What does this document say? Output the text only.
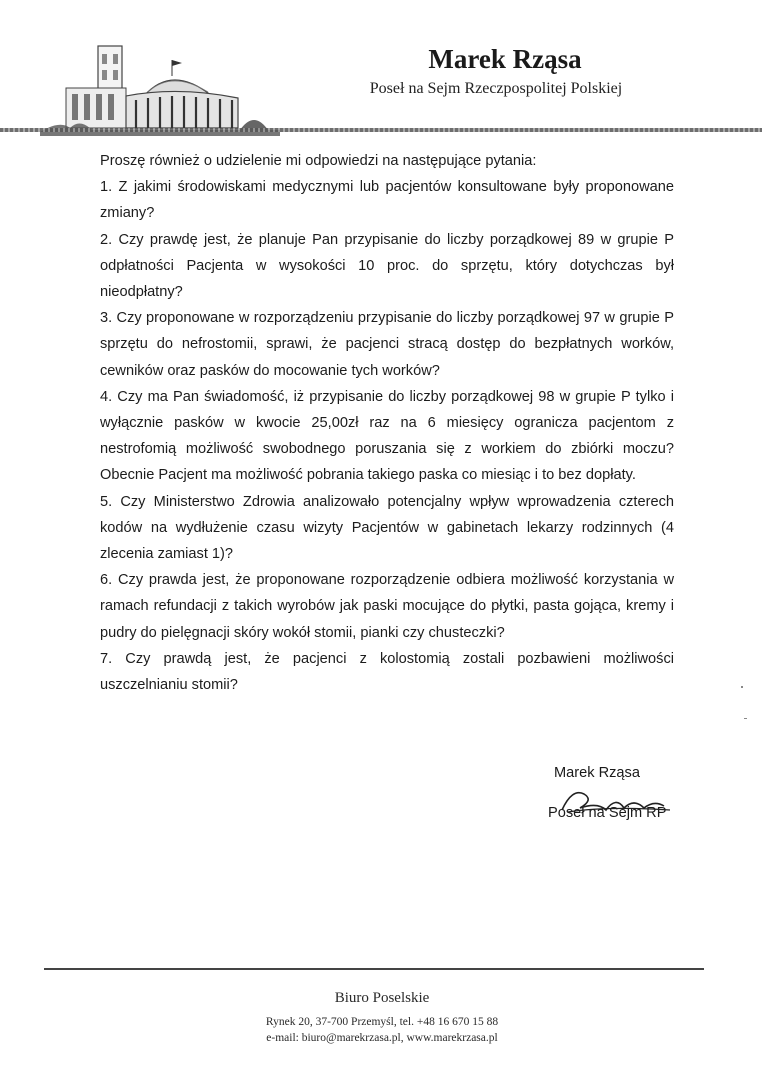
Marek Rząsa
Poseł na Sejm Rzeczpospolitej Polskiej

Proszę również o udzielenie mi odpowiedzi na następujące pytania:

1. Z jakimi środowiskami medycznymi lub pacjentów konsultowane były proponowane zmiany?

2. Czy prawdę jest, że planuje Pan przypisanie do liczby porządkowej 89 w grupie P odpłatności Pacjenta w wysokości 10 proc. do sprzętu, który dotychczas był nieodpłatny?

3. Czy proponowane w rozporządzeniu przypisanie do liczby porządkowej 97 w grupie P sprzętu do nefrostomii, sprawi, że pacjenci stracą dostęp do bezpłatnych worków, cewników oraz pasków do mocowanie tych worków?

4. Czy ma Pan świadomość, iż przypisanie do liczby porządkowej 98 w grupie P tylko i wyłącznie pasków w kwocie 25,00zł raz na 6 miesięcy ogranicza pacjentom z nestrofomią możliwość swobodnego poruszania się z workiem do zbiórki moczu? Obecnie Pacjent ma możliwość pobrania takiego paska co miesiąc i to bez dopłaty.

5. Czy Ministerstwo Zdrowia analizowało potencjalny wpływ wprowadzenia czterech kodów na wydłużenie czasu wizyty Pacjentów w gabinetach lekarzy rodzinnych (4 zlecenia zamiast 1)?

6. Czy prawda jest, że proponowane rozporządzenie odbiera możliwość korzystania w ramach refundacji z takich wyrobów jak paski mocujące do płytki, pasta gojąca, kremy i pudry do pielęgnacji skóry wokół stomii, pianki czy chusteczki?

7. Czy prawdą jest, że pacjenci z kolostomią zostali pozbawieni możliwości uszczelnianiu stomii?

Marek Rząsa
Poseł na Sejm RP
Biuro Poselskie
Rynek 20, 37-700 Przemyśl, tel. +48 16 670 15 88
e-mail: biuro@marekrzasa.pl, www.marekrzasa.pl
